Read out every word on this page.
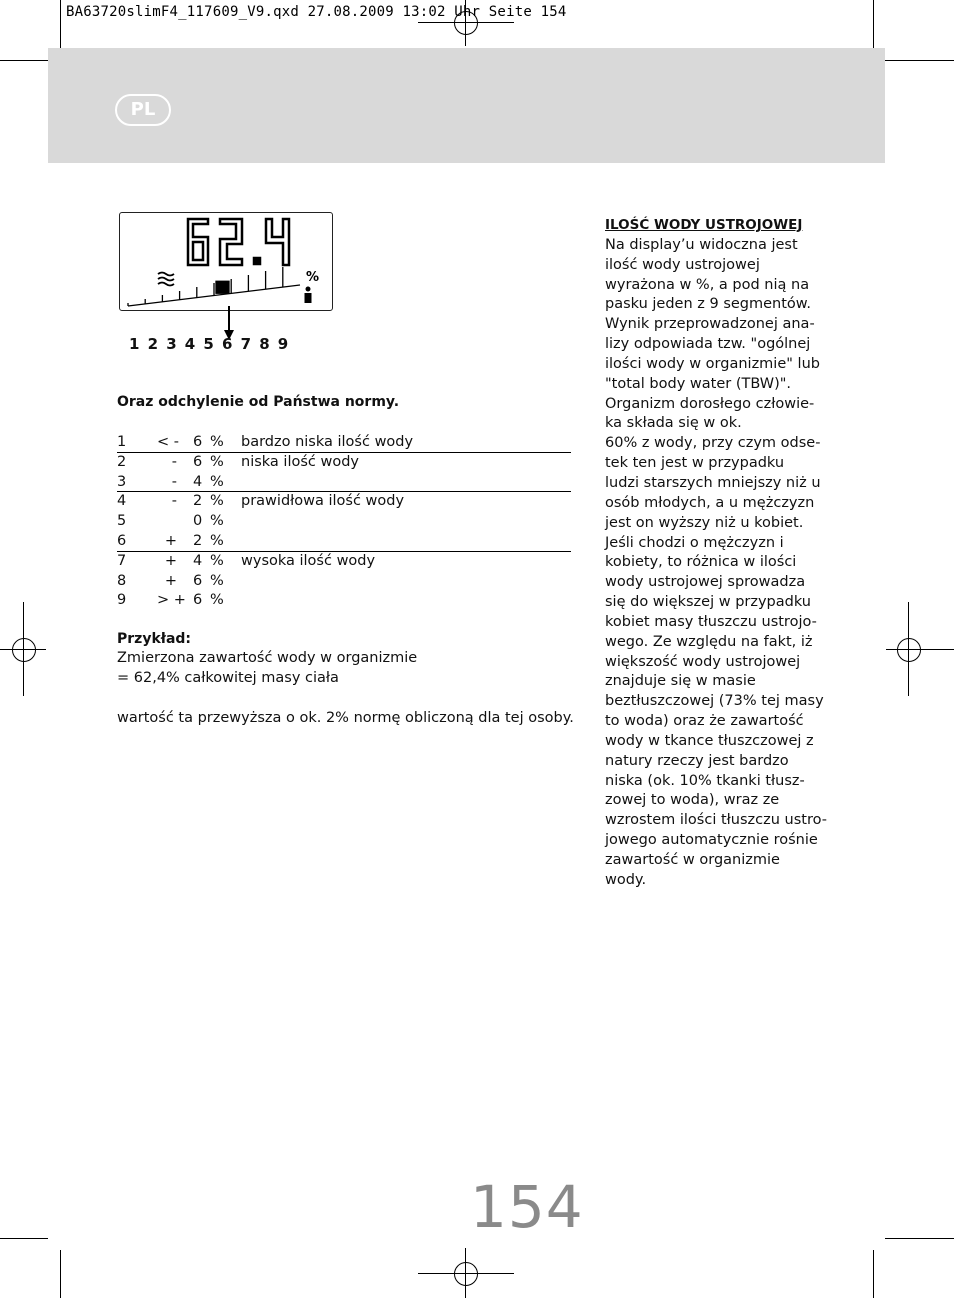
BA63720slimF4_117609_V9.qxd 27.08.2009 13:02 Uhr Seite 154
PL
%
1 2 3 4 5 6 7 8 9
Oraz odchylenie od Państwa normy.
1 < - 6 % bardzo niska ilość wody
2	- 6 % niska ilość wody
3	- 4 %
4	- 2 % prawidłowa ilość wody
5	0 %
6	+ 2 %
7	+ 4 % wysoka ilość wody
8	+ 6 %
9 > + 6 %
Przykład:
Zmierzona zawartość wody w organizmie
= 62,4% całkowitej masy ciała
wartość ta przewyższa o ok. 2% normę obliczoną dla tej osoby.
ILOŚĆ WODY USTROJOWEJ
Na display’u widoczna jest
ilość wody ustrojowej
wyrażona w %, a pod nią na
pasku jeden z 9 segmentów.
Wynik przeprowadzonej ana-
lizy odpowiada tzw. "ogólnej
ilości wody w organizmie" lub
"total body water (TBW)".
Organizm dorosłego człowie-
ka składa się w ok.
60% z wody, przy czym odse-
tek ten jest w przypadku
ludzi starszych mniejszy niż u
osób młodych, a u mężczyzn
jest on wyższy niż u kobiet.
Jeśli chodzi o mężczyzn i
kobiety, to różnica w ilości
wody ustrojowej sprowadza
się do większej w przypadku
kobiet masy tłuszczu ustrojo-
wego. Ze względu na fakt, iż
większość wody ustrojowej
znajduje się w masie
beztłuszczowej (73% tej masy
to woda) oraz że zawartość
wody w tkance tłuszczowej z
natury rzeczy jest bardzo
niska (ok. 10% tkanki tłusz-
zowej to woda), wraz ze
wzrostem ilości tłuszczu ustro-
jowego automatycznie rośnie
zawartość w organizmie
wody.
154
